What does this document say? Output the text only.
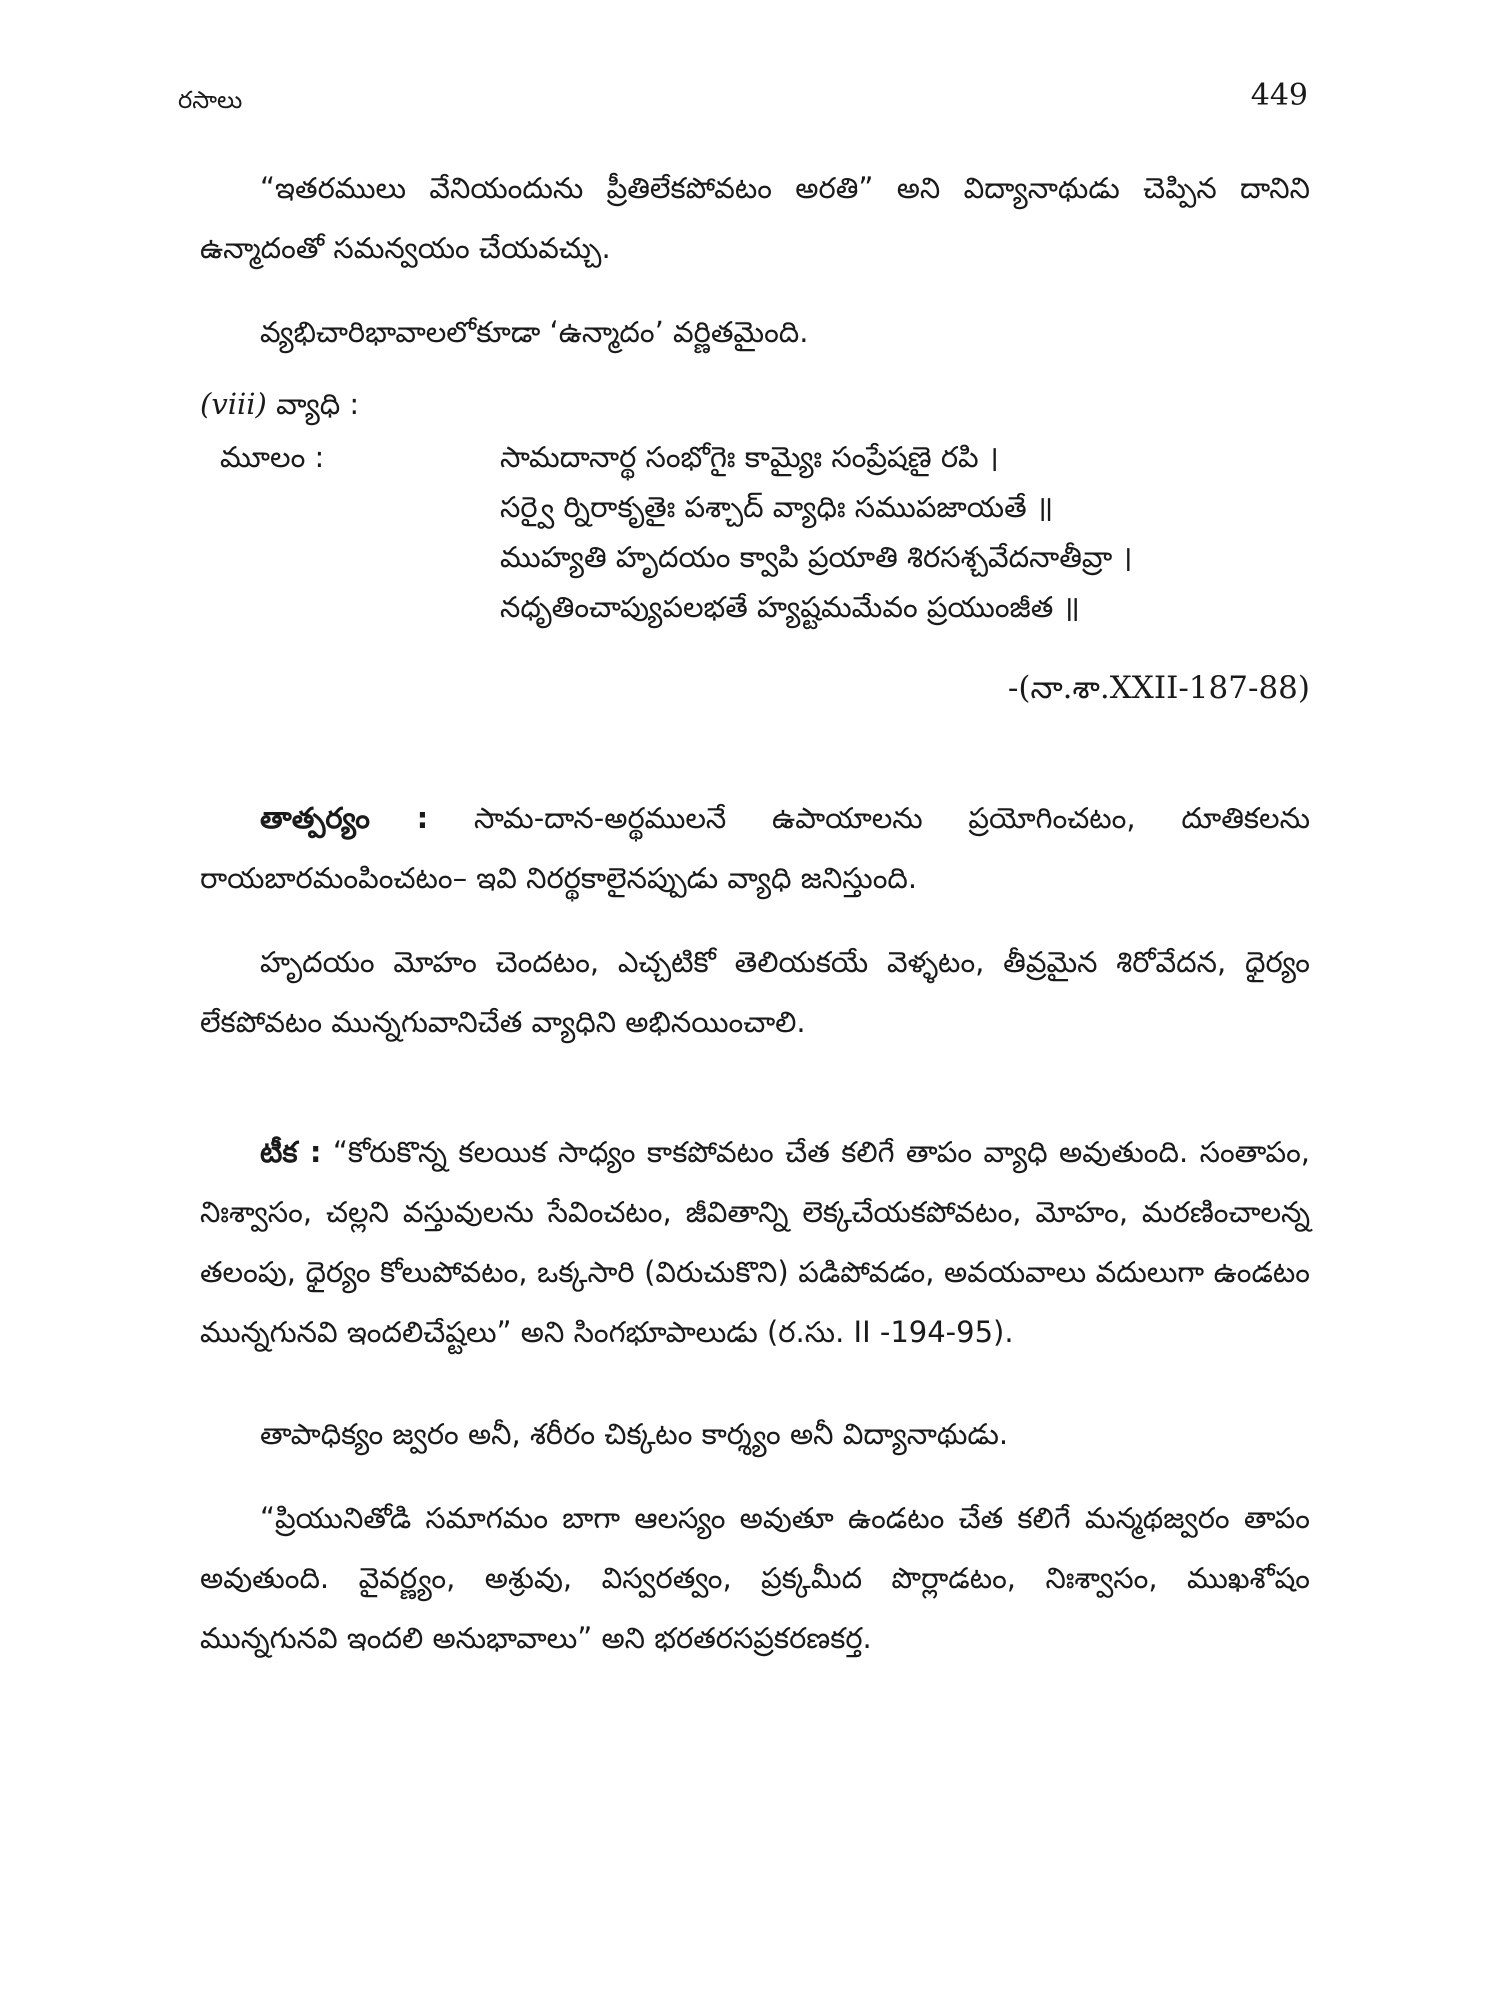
రసాలు	449

“ఇతరములు వేనియందును ప్రీతిలేకపోవటం అరతి” అని విద్యానాథుడు చెప్పిన దానిని ఉన్మాదంతో సమన్వయం చేయవచ్చు.

వ్యభిచారిభావాలలోకూడా ‘ఉన్మాదం’ వర్ణితమైంది.

(viii) వ్యాధి :

మూలం :	సామదానార్థ సంభోగైః కామ్యైః సంప్రేషణై రపి ।
సర్వై ర్నిరాకృతైః పశ్చాద్ వ్యాధిః సముపజాయతే ॥
ముహ్యతి హృదయం క్వాపి ప్రయాతి శిరసశ్చవేదనాతీవ్రా ।
నధృతించాప్యుపలభతే హ్యష్టమమేవం ప్రయుంజీత ॥
-(నా.శా.XXII-187-88)

తాత్పర్యం : సామ-దాన-అర్థములనే ఉపాయాలను ప్రయోగించటం, దూతికలను రాయబారమంపించటం– ఇవి నిరర్థకాలైనప్పుడు వ్యాధి జనిస్తుంది.

హృదయం మోహం చెందటం, ఎచ్చటికో తెలియకయే వెళ్ళటం, తీవ్రమైన శిరోవేదన, ధైర్యం లేకపోవటం మున్నగువానిచేత వ్యాధిని అభినయించాలి.

టీక : “కోరుకొన్న కలయిక సాధ్యం కాకపోవటం చేత కలిగే తాపం వ్యాధి అవుతుంది. సంతాపం, నిఃశ్వాసం, చల్లని వస్తువులను సేవించటం, జీవితాన్ని లెక్కచేయకపోవటం, మోహం, మరణించాలన్న తలంపు, ధైర్యం కోలుపోవటం, ఒక్కసారి (విరుచుకొని) పడిపోవడం, అవయవాలు వదులుగా ఉండటం మున్నగునవి ఇందలిచేష్టలు” అని సింగభూపాలుడు (ర.సు. II -194-95).

తాపాధిక్యం జ్వరం అనీ, శరీరం చిక్కటం కార్శ్యం అనీ విద్యానాథుడు.

“ప్రియునితోడి సమాగమం బాగా ఆలస్యం అవుతూ ఉండటం చేత కలిగే మన్మథజ్వరం తాపం అవుతుంది. వైవర్ణ్యం, అశ్రువు, విస్వరత్వం, ప్రక్కమీద పొర్లాడటం, నిఃశ్వాసం, ముఖశోషం మున్నగునవి ఇందలి అనుభావాలు” అని భరతరసప్రకరణకర్త.
